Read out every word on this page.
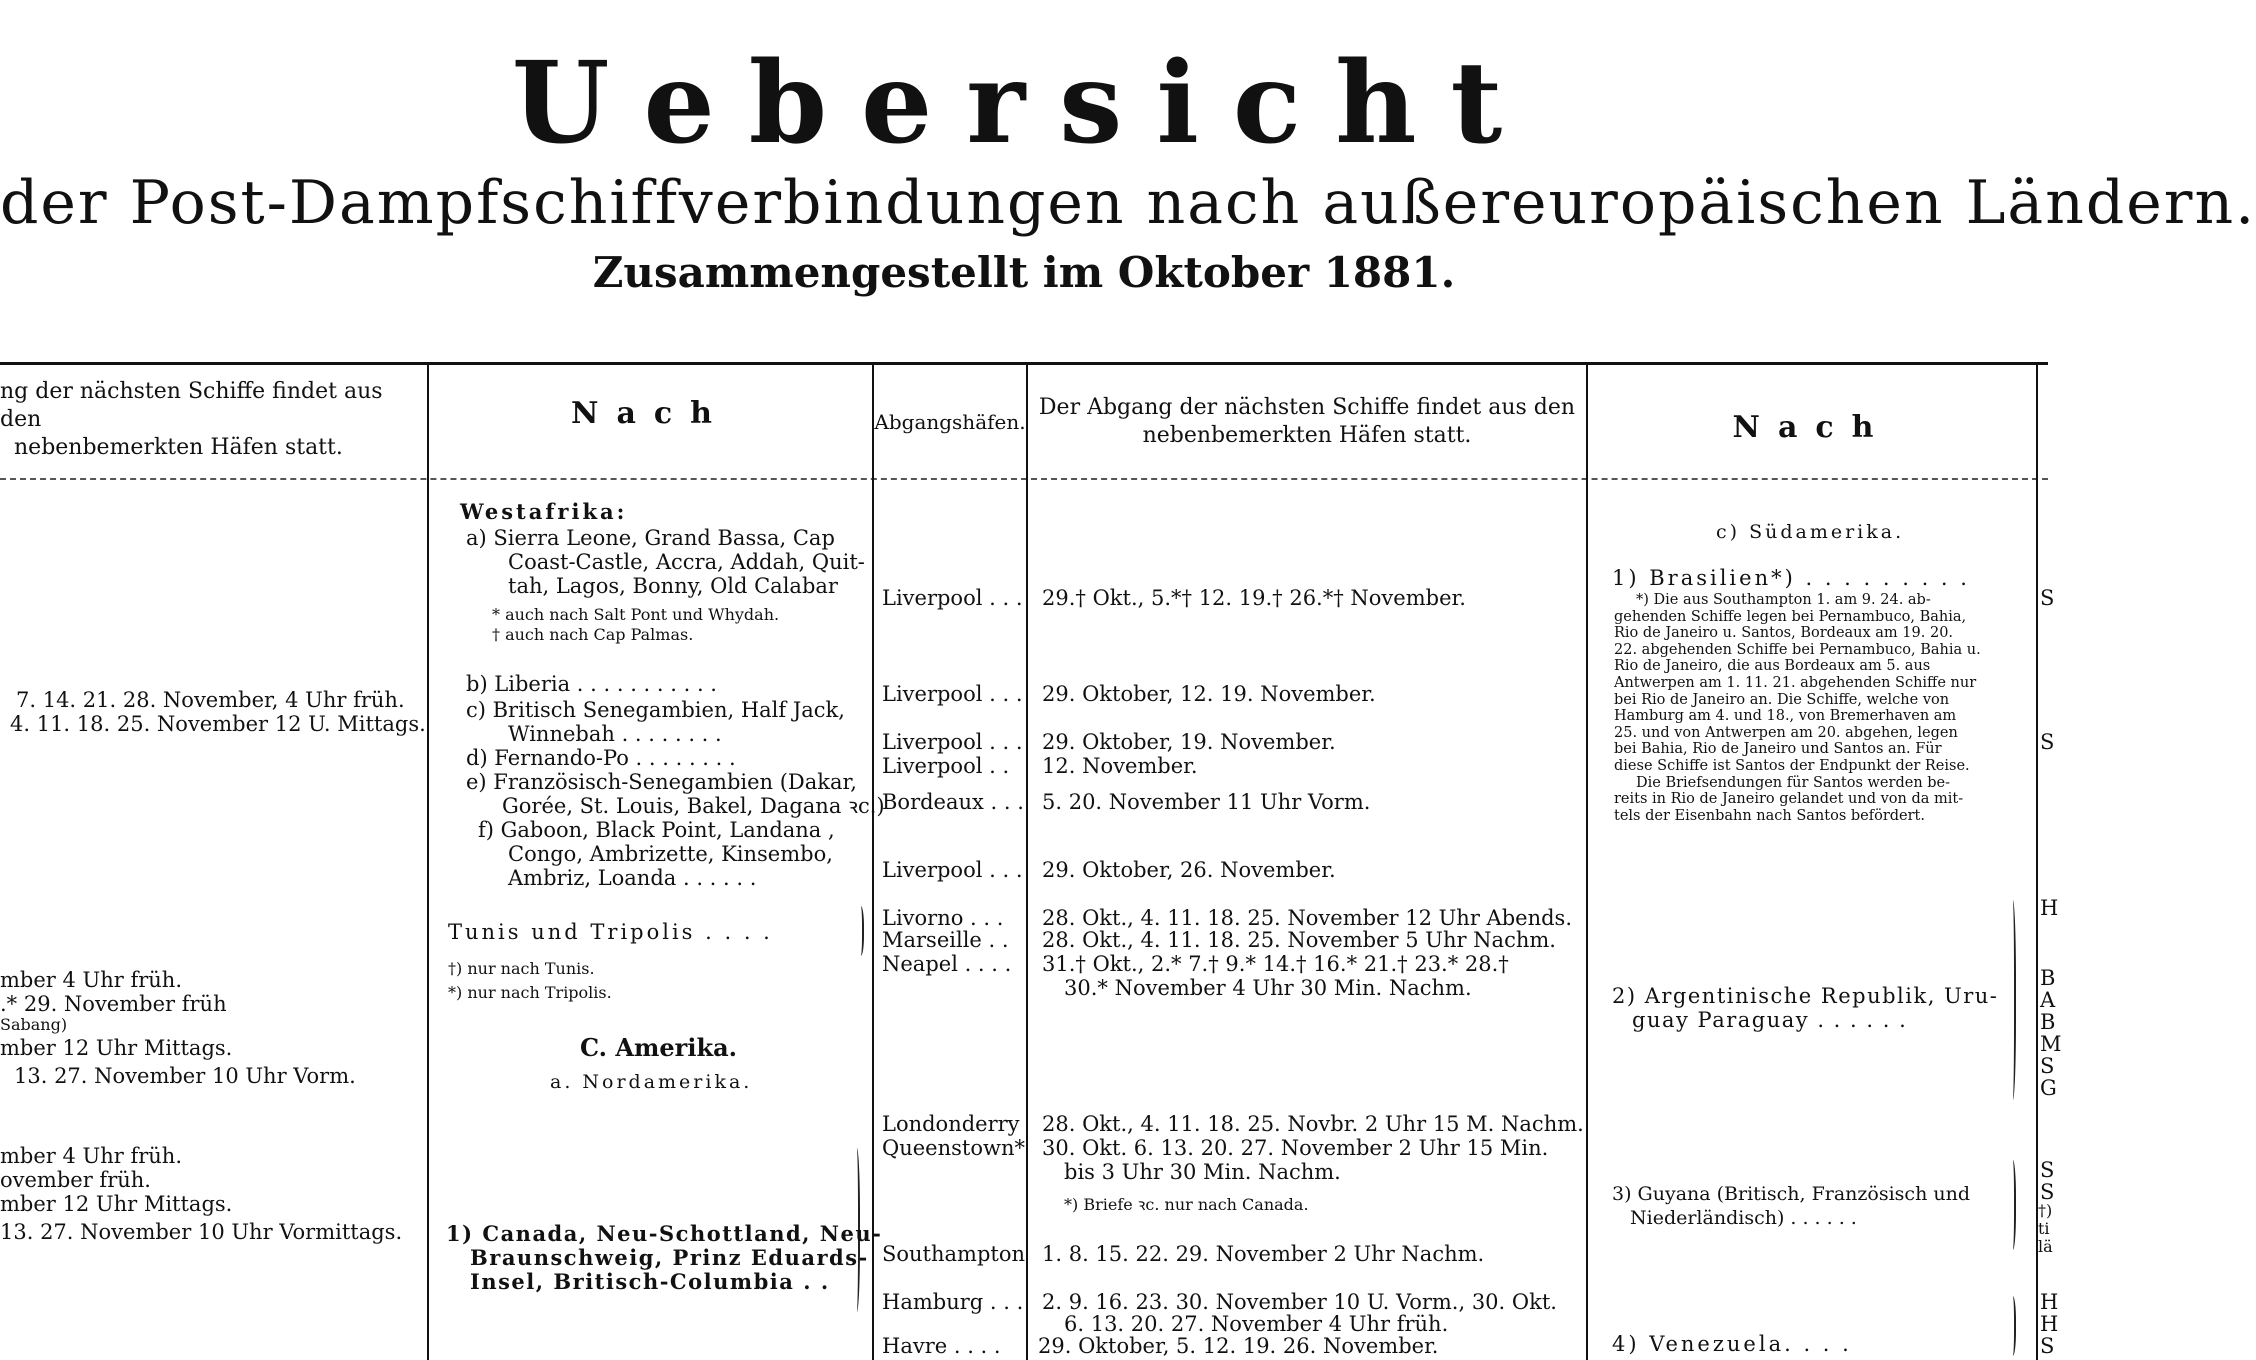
Uebersicht
der Post-Dampfschiffverbindungen nach außereuropäischen Ländern.
Zusammengestellt im Oktober 1881.
ng der nächsten Schiffe findet aus den
nebenbemerkten Häfen statt.
Nach	Abgangshäfen.
Der Abgang der nächsten Schiffe findet aus den
nebenbemerkten Häfen statt.	Nach
7. 14. 21. 28. November, 4 Uhr früh.
4. 11. 18. 25. November 12 U. Mittags.
mber 4 Uhr früh.
.* 29. November früh
Sabang)
mber 12 Uhr Mittags.
13. 27. November 10 Uhr Vorm.
mber 4 Uhr früh.
ovember früh.
mber 12 Uhr Mittags.
13. 27. November 10 Uhr Vormittags.
Westafrika:
a) Sierra Leone, Grand Bassa, Cap
Coast-Castle, Accra, Addah, Quit-
tah, Lagos, Bonny, Old Calabar
* auch nach Salt Pont und Whydah.
† auch nach Cap Palmas.
b) Liberia . . . . . . . . . . .
c) Britisch Senegambien, Half Jack,
Winnebah . . . . . . . .
d) Fernando-Po . . . . . . . .
e) Französisch-Senegambien (Dakar,
Gorée, St. Louis, Bakel, Dagana ꝛc.)
f) Gaboon, Black Point, Landana ,
Congo, Ambrizette, Kinsembo,
Ambriz, Loanda . . . . . .
Tunis und Tripolis . . . .
†) nur nach Tunis.
*) nur nach Tripolis.
C. Amerika.
a. Nordamerika.
1) Canada, Neu-Schottland, Neu-
Braunschweig, Prinz Eduards-
Insel, Britisch-Columbia . .
Liverpool . . .
Liverpool . . .
Liverpool . . .
Liverpool . .
Bordeaux . . .
Liverpool . . .
Livorno . . .
Marseille . .
Neapel . . . .
Londonderry
Queenstown*
Southampton
Hamburg . . .
Havre . . . .
29.† Okt., 5.*† 12. 19.† 26.*† November.
29. Oktober, 12. 19. November.
29. Oktober, 19. November.
12. November.
5. 20. November 11 Uhr Vorm.
29. Oktober, 26. November.
28. Okt., 4. 11. 18. 25. November 12 Uhr Abends.
28. Okt., 4. 11. 18. 25. November 5 Uhr Nachm.
31.† Okt., 2.* 7.† 9.* 14.† 16.* 21.† 23.* 28.†
30.* November 4 Uhr 30 Min. Nachm.
28. Okt., 4. 11. 18. 25. Novbr. 2 Uhr 15 M. Nachm.
30. Okt. 6. 13. 20. 27. November 2 Uhr 15 Min.
bis 3 Uhr 30 Min. Nachm.
*) Briefe ꝛc. nur nach Canada.
1. 8. 15. 22. 29. November 2 Uhr Nachm.
2. 9. 16. 23. 30. November 10 U. Vorm., 30. Okt.
6. 13. 20. 27. November 4 Uhr früh.
29. Oktober, 5. 12. 19. 26. November.
c) Südamerika.
1) Brasilien*) . . . . . . . . .
*) Die aus Southampton 1. am 9. 24. ab-
gehenden Schiffe legen bei Pernambuco, Bahia,
Rio de Janeiro u. Santos, Bordeaux am 19. 20.
22. abgehenden Schiffe bei Pernambuco, Bahia u.
Rio de Janeiro, die aus Bordeaux am 5. aus
Antwerpen am 1. 11. 21. abgehenden Schiffe nur
bei Rio de Janeiro an. Die Schiffe, welche von
Hamburg am 4. und 18., von Bremerhaven am
25. und von Antwerpen am 20. abgehen, legen
bei Bahia, Rio de Janeiro und Santos an. Für
diese Schiffe ist Santos der Endpunkt der Reise.
Die Briefsendungen für Santos werden be-
reits in Rio de Janeiro gelandet und von da mit-
tels der Eisenbahn nach Santos befördert.
2) Argentinische Republik, Uru-
guay Paraguay . . . . . .
3) Guyana (Britisch, Französisch und
Niederländisch) . . . . . .
4) Venezuela. . . .
S
S
H
B
A
B
M
S
G
S
S
†)
ti
lä
H
H
S
